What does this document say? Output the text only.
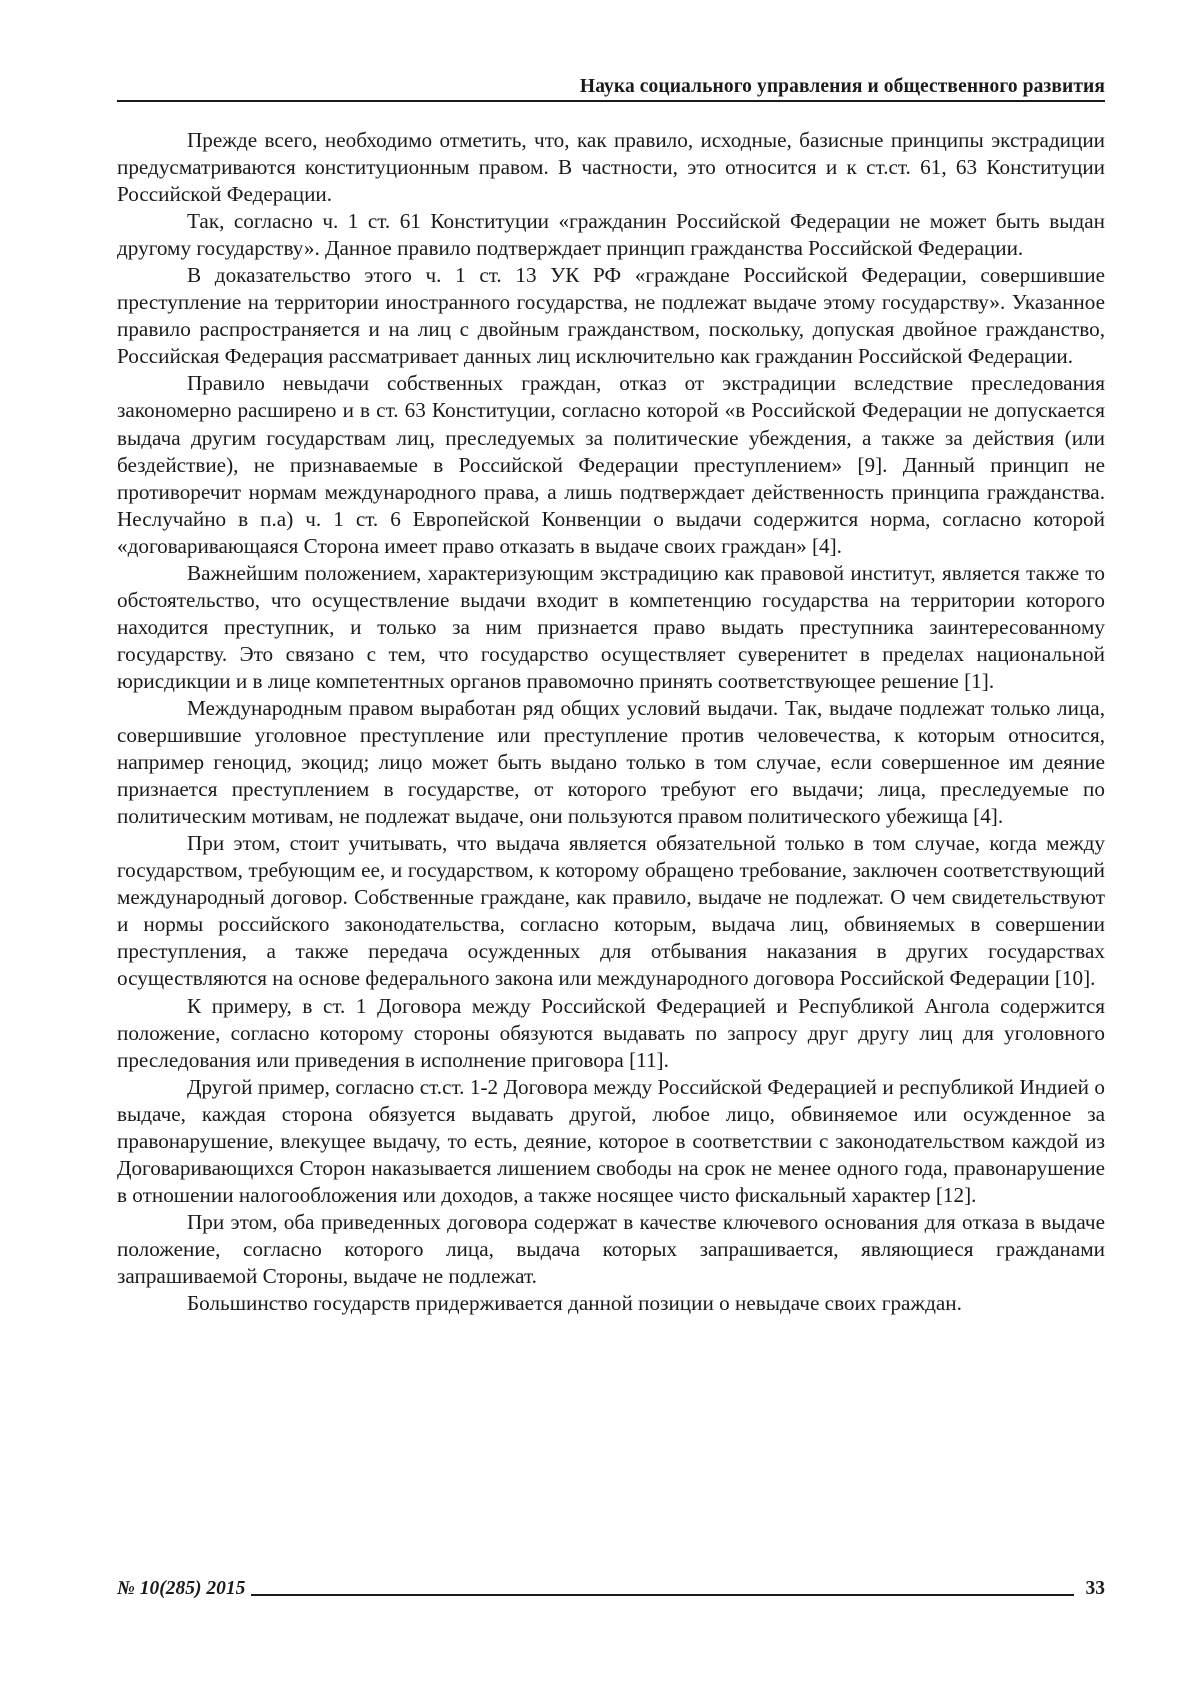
Наука социального управления и общественного развития

Прежде всего, необходимо отметить, что, как правило, исходные, базисные принципы экстрадиции предусматриваются конституционным правом. В частности, это относится и к ст.ст. 61, 63 Конституции Российской Федерации.

Так, согласно ч. 1 ст. 61 Конституции «гражданин Российской Федерации не может быть выдан другому государству». Данное правило подтверждает принцип гражданства Российской Федерации.

В доказательство этого ч. 1 ст. 13 УК РФ «граждане Российской Федерации, совершившие преступление на территории иностранного государства, не подлежат выдаче этому государству». Указанное правило распространяется и на лиц с двойным гражданством, поскольку, допуская двойное гражданство, Российская Федерация рассматривает данных лиц исключительно как гражданин Российской Федерации.

Правило невыдачи собственных граждан, отказ от экстрадиции вследствие преследования закономерно расширено и в ст. 63 Конституции, согласно которой «в Российской Федерации не допускается выдача другим государствам лиц, преследуемых за политические убеждения, а также за действия (или бездействие), не признаваемые в Российской Федерации преступлением» [9]. Данный принцип не противоречит нормам международного права, а лишь подтверждает действенность принципа гражданства. Неслучайно в п.а) ч. 1 ст. 6 Европейской Конвенции о выдачи содержится норма, согласно которой «договаривающаяся Сторона имеет право отказать в выдаче своих граждан» [4].

Важнейшим положением, характеризующим экстрадицию как правовой институт, является также то обстоятельство, что осуществление выдачи входит в компетенцию государства на территории которого находится преступник, и только за ним признается право выдать преступника заинтересованному государству. Это связано с тем, что государство осуществляет суверенитет в пределах национальной юрисдикции и в лице компетентных органов правомочно принять соответствующее решение [1].

Международным правом выработан ряд общих условий выдачи. Так, выдаче подлежат только лица, совершившие уголовное преступление или преступление против человечества, к которым относится, например геноцид, экоцид; лицо может быть выдано только в том случае, если совершенное им деяние признается преступлением в государстве, от которого требуют его выдачи; лица, преследуемые по политическим мотивам, не подлежат выдаче, они пользуются правом политического убежища [4].

При этом, стоит учитывать, что выдача является обязательной только в том случае, когда между государством, требующим ее, и государством, к которому обращено требование, заключен соответствующий международный договор. Собственные граждане, как правило, выдаче не подлежат. О чем свидетельствуют и нормы российского законодательства, согласно которым, выдача лиц, обвиняемых в совершении преступления, а также передача осужденных для отбывания наказания в других государствах осуществляются на основе федерального закона или международного договора Российской Федерации [10].

К примеру, в ст. 1 Договора между Российской Федерацией и Республикой Ангола содержится положение, согласно которому стороны обязуются выдавать по запросу друг другу лиц для уголовного преследования или приведения в исполнение приговора [11].

Другой пример, согласно ст.ст. 1-2 Договора между Российской Федерацией и республикой Индией о выдаче, каждая сторона обязуется выдавать другой, любое лицо, обвиняемое или осужденное за правонарушение, влекущее выдачу, то есть, деяние, которое в соответствии с законодательством каждой из Договаривающихся Сторон наказывается лишением свободы на срок не менее одного года, правонарушение в отношении налогообложения или доходов, а также носящее чисто фискальный характер [12].

При этом, оба приведенных договора содержат в качестве ключевого основания для отказа в выдаче положение, согласно которого лица, выдача которых запрашивается, являющиеся гражданами запрашиваемой Стороны, выдаче не подлежат.

Большинство государств придерживается данной позиции о невыдаче своих граждан.

№ 10(285) 2015	33
